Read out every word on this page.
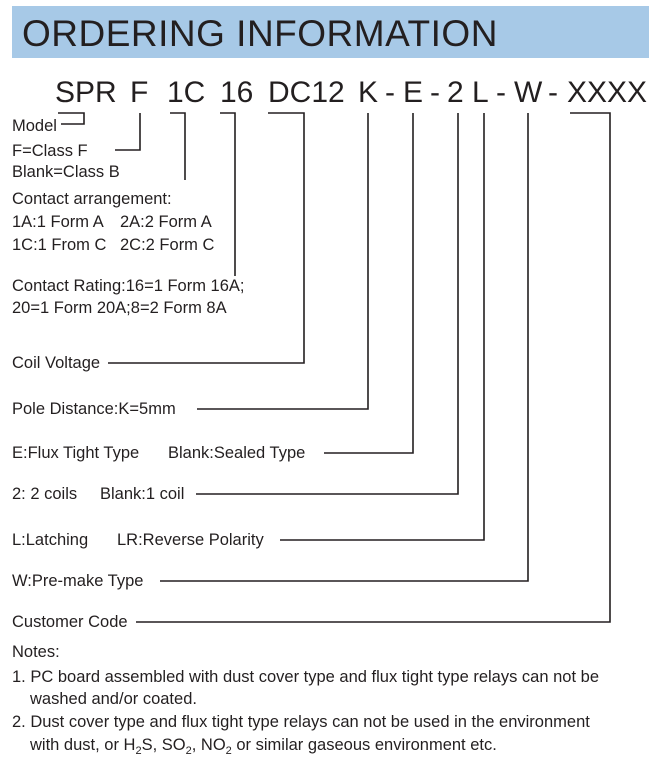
ORDERING INFORMATION
SPR F 1C 16 DC12 K - E - 2 L - W - XXXX
Model
F=Class F
Blank=Class B
Contact arrangement:
1A:1 Form A 2A:2 Form A
1C:1 From C 2C:2 Form C
Contact Rating:16=1 Form 16A;
20=1 Form 20A;8=2 Form 8A
Coil Voltage
Pole Distance:K=5mm
E:Flux Tight Type Blank:Sealed Type
2: 2 coils Blank:1 coil
L:Latching LR:Reverse Polarity
W:Pre-make Type
Customer Code
Notes:
1. PC board assembled with dust cover type and flux tight type relays can not be
washed and/or coated.
2. Dust cover type and flux tight type relays can not be used in the environment
with dust, or $H_2S$, $SO_2$, $NO_2$ or similar gaseous environment etc.
